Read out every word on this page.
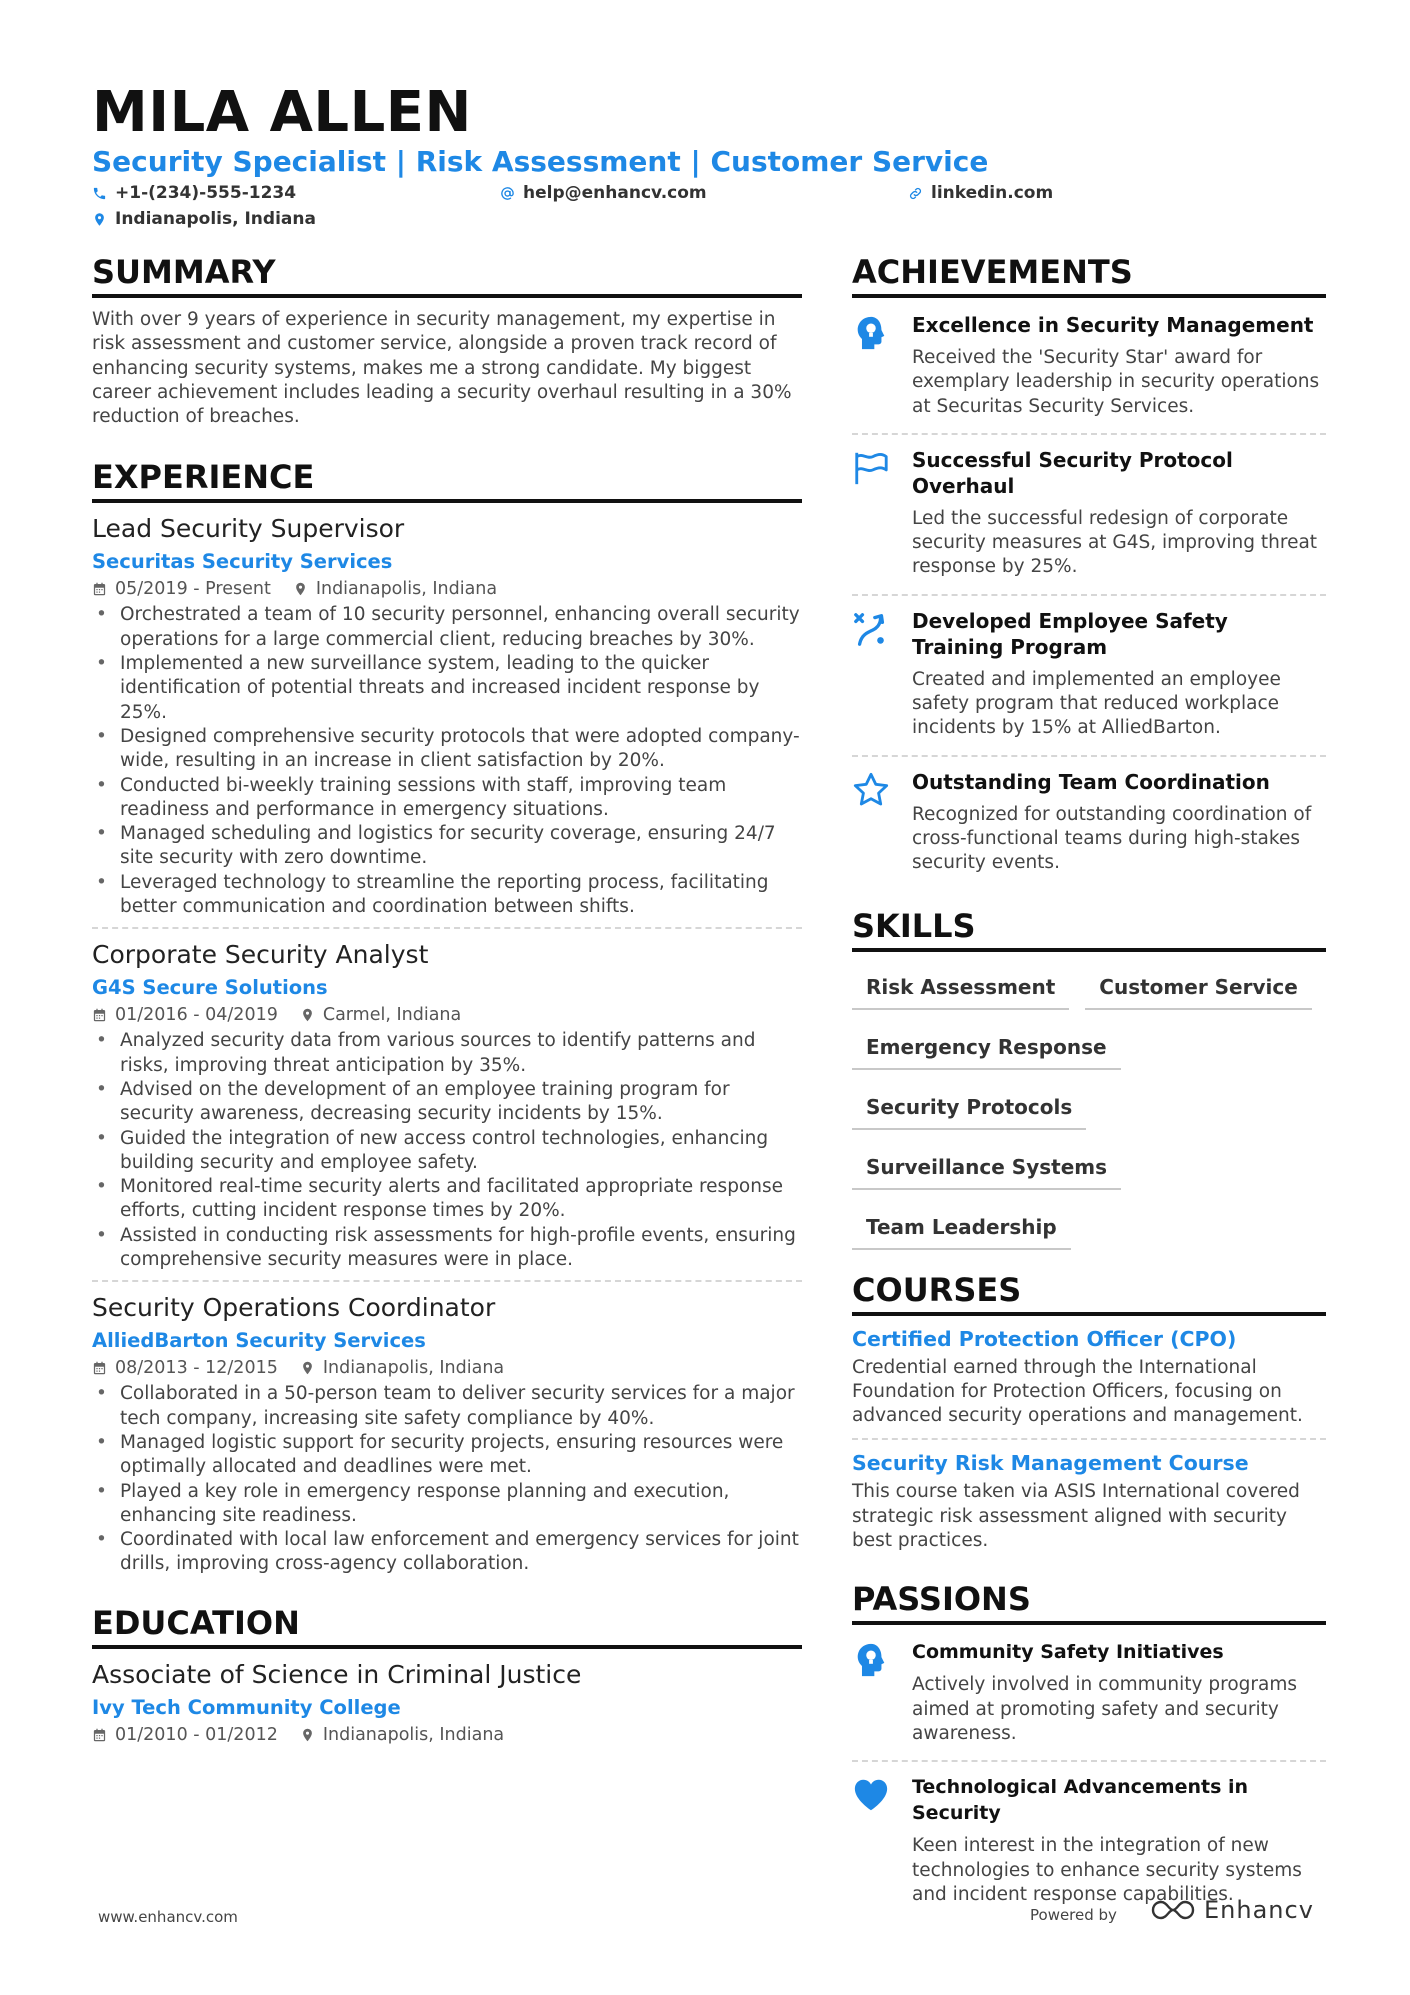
MILA ALLEN
Security Specialist | Risk Assessment | Customer Service
+1-(234)-555-1234	help@enhancv.com	linkedin.com
Indianapolis, Indiana
SUMMARY

With over 9 years of experience in security management, my expertise in risk assessment and customer service, alongside a proven track record of enhancing security systems, makes me a strong candidate. My biggest career achievement includes leading a security overhaul resulting in a 30% reduction of breaches.

EXPERIENCE
Lead Security Supervisor
Securitas Security Services
05/2019 - Present	Indianapolis, Indiana
• Orchestrated a team of 10 security personnel, enhancing overall security operations for a large commercial client, reducing breaches by 30%.
• Implemented a new surveillance system, leading to the quicker identification of potential threats and increased incident response by 25%.
• Designed comprehensive security protocols that were adopted company-wide, resulting in an increase in client satisfaction by 20%.
• Conducted bi-weekly training sessions with staff, improving team readiness and performance in emergency situations.
• Managed scheduling and logistics for security coverage, ensuring 24/7 site security with zero downtime.
• Leveraged technology to streamline the reporting process, facilitating better communication and coordination between shifts.
Corporate Security Analyst
G4S Secure Solutions
01/2016 - 04/2019	Carmel, Indiana
• Analyzed security data from various sources to identify patterns and risks, improving threat anticipation by 35%.
• Advised on the development of an employee training program for security awareness, decreasing security incidents by 15%.
• Guided the integration of new access control technologies, enhancing building security and employee safety.
• Monitored real-time security alerts and facilitated appropriate response efforts, cutting incident response times by 20%.
• Assisted in conducting risk assessments for high-profile events, ensuring comprehensive security measures were in place.
Security Operations Coordinator
AlliedBarton Security Services
08/2013 - 12/2015	Indianapolis, Indiana
• Collaborated in a 50-person team to deliver security services for a major tech company, increasing site safety compliance by 40%.
• Managed logistic support for security projects, ensuring resources were optimally allocated and deadlines were met.
• Played a key role in emergency response planning and execution, enhancing site readiness.
• Coordinated with local law enforcement and emergency services for joint drills, improving cross-agency collaboration.
EDUCATION
Associate of Science in Criminal Justice
Ivy Tech Community College
01/2010 - 01/2012	Indianapolis, Indiana
ACHIEVEMENTS
Excellence in Security Management
Received the 'Security Star' award for exemplary leadership in security operations at Securitas Security Services.
Successful Security Protocol Overhaul
Led the successful redesign of corporate security measures at G4S, improving threat response by 25%.
Developed Employee Safety Training Program
Created and implemented an employee safety program that reduced workplace incidents by 15% at AlliedBarton.
Outstanding Team Coordination
Recognized for outstanding coordination of cross-functional teams during high-stakes security events.
SKILLS
Risk Assessment	Customer Service
Emergency Response
Security Protocols
Surveillance Systems
Team Leadership
COURSES
Certified Protection Officer (CPO)
Credential earned through the International Foundation for Protection Officers, focusing on advanced security operations and management.
Security Risk Management Course
This course taken via ASIS International covered strategic risk assessment aligned with security best practices.
PASSIONS
Community Safety Initiatives
Actively involved in community programs aimed at promoting safety and security awareness.
Technological Advancements in Security
Keen interest in the integration of new technologies to enhance security systems and incident response capabilities.
www.enhancv.com	Powered by	Enhancv
